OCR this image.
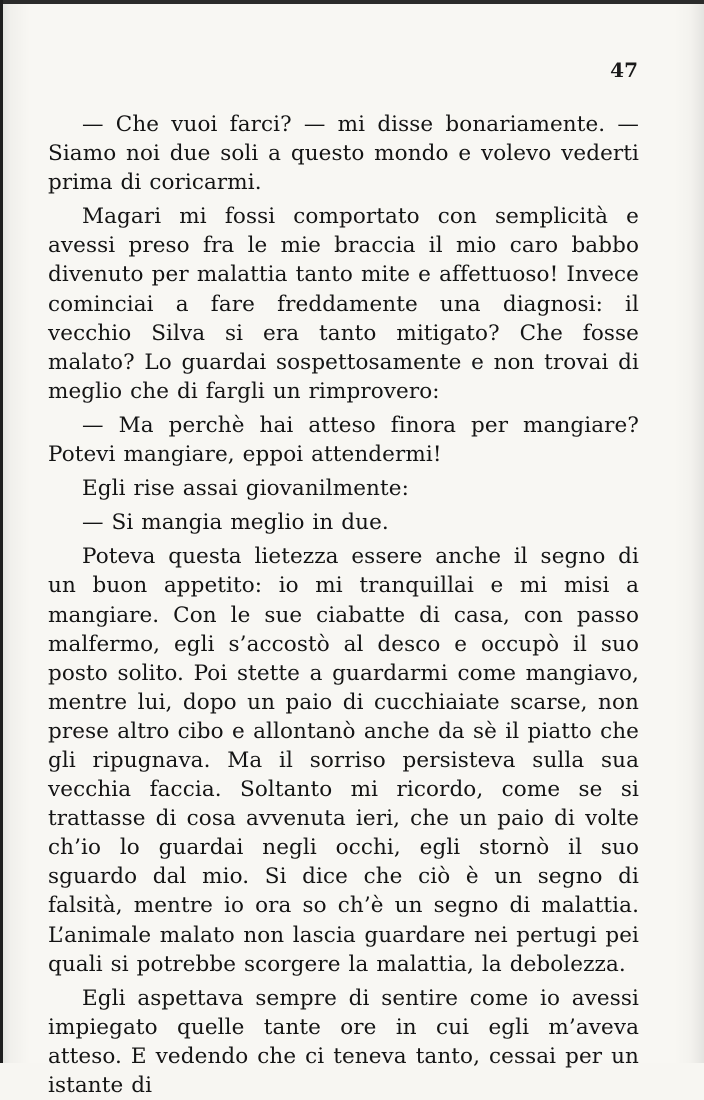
47

— Che vuoi farci? — mi disse bonariamente. — Siamo noi due soli a questo mondo e volevo vederti prima di coricarmi.

Magari mi fossi comportato con semplicità e avessi preso fra le mie braccia il mio caro babbo divenuto per malattia tanto mite e affettuoso! Invece cominciai a fare freddamente una diagnosi: il vecchio Silva si era tanto mitigato? Che fosse malato? Lo guardai sospettosamente e non trovai di meglio che di fargli un rimprovero:

— Ma perchè hai atteso finora per mangiare? Potevi mangiare, eppoi attendermi!

Egli rise assai giovanilmente:

— Si mangia meglio in due.

Poteva questa lietezza essere anche il segno di un buon appetito: io mi tranquillai e mi misi a mangiare. Con le sue ciabatte di casa, con passo malfermo, egli s’accostò al desco e occupò il suo posto solito. Poi stette a guardarmi come mangiavo, mentre lui, dopo un paio di cucchiaiate scarse, non prese altro cibo e allontanò anche da sè il piatto che gli ripugnava. Ma il sorriso persisteva sulla sua vecchia faccia. Soltanto mi ricordo, come se si trattasse di cosa avvenuta ieri, che un paio di volte ch’io lo guardai negli occhi, egli stornò il suo sguardo dal mio. Si dice che ciò è un segno di falsità, mentre io ora so ch’è un segno di malattia. L’animale malato non lascia guardare nei pertugi pei quali si potrebbe scorgere la malattia, la debolezza.

Egli aspettava sempre di sentire come io avessi impiegato quelle tante ore in cui egli m’aveva atteso. E vedendo che ci teneva tanto, cessai per un istante di
